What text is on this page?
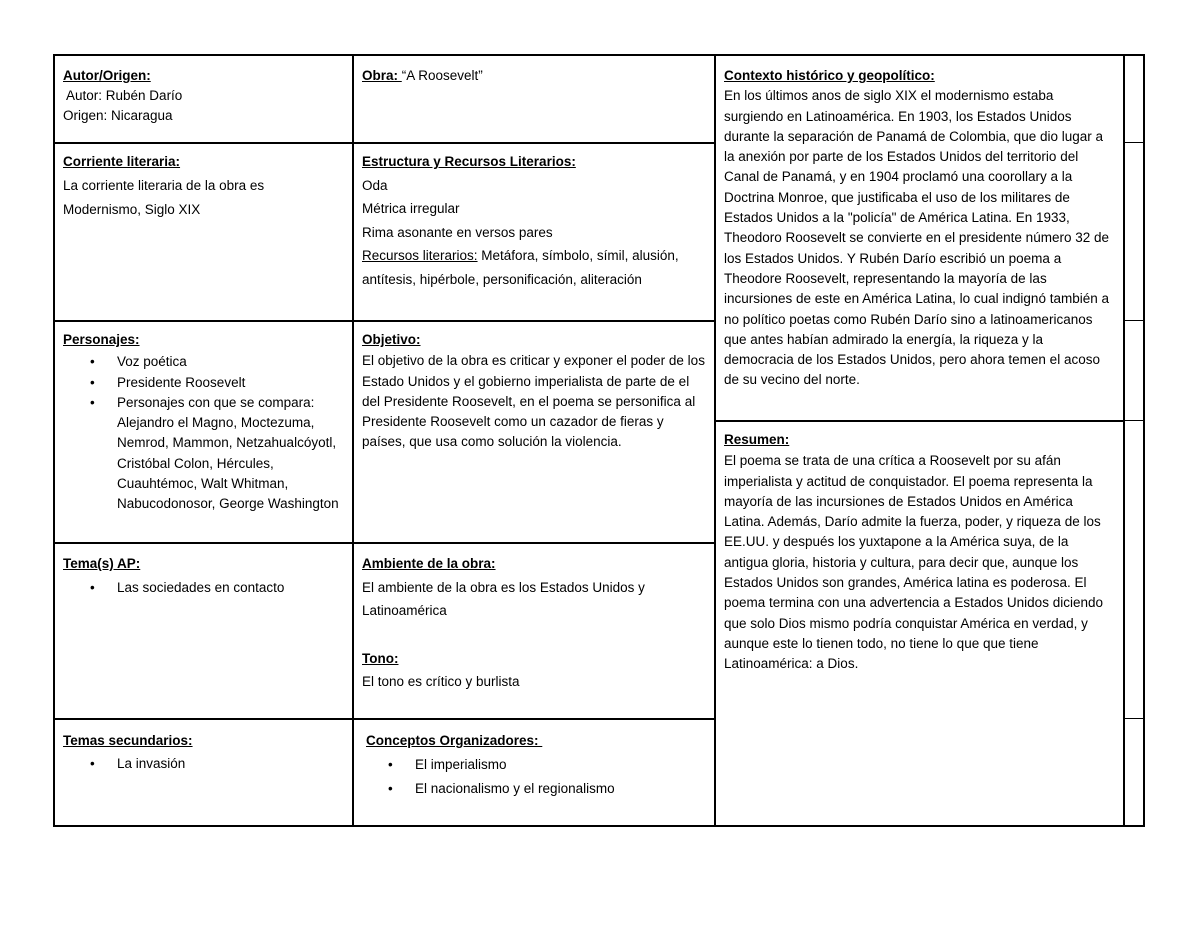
Autor/Origen:
Autor: Rubén Darío
Origen: Nicaragua
Obra: “A Roosevelt”	Contexto histórico y geopolítico:
En los últimos anos de siglo XIX el modernismo estaba surgiendo en Latinoamérica. En 1903, los Estados Unidos durante la separación de Panamá de Colombia, que dio lugar a la anexión por parte de los Estados Unidos del territorio del Canal de Panamá, y en 1904 proclamó una coorollary a la Doctrina Monroe, que justificaba el uso de los militares de Estados Unidos a la "policía" de América Latina. En 1933, Theodoro Roosevelt se convierte en el presidente número 32 de los Estados Unidos. Y Rubén Darío escribió un poema a Theodore Roosevelt, representando la mayoría de las incursiones de este en América Latina, lo cual indignó también a no político poetas como Rubén Darío sino a latinoamericanos que antes habían admirado la energía, la riqueza y la democracia de los Estados Unidos, pero ahora temen el acoso de su vecino del norte.
Corriente literaria:
La corriente literaria de la obra es Modernismo, Siglo XIX
Estructura y Recursos Literarios:
Oda
Métrica irregular
Rima asonante en versos pares
Recursos literarios: Metáfora, símbolo, símil, alusión, antítesis, hipérbole, personificación, aliteración
Personajes:
• Voz poética
• Presidente Roosevelt
• Personajes con que se compara: Alejandro el Magno, Moctezuma, Nemrod, Mammon, Netzahualcóyotl, Cristóbal Colon, Hércules, Cuauhtémoc, Walt Whitman, Nabucodonosor, George Washington
Objetivo:
El objetivo de la obra es criticar y exponer el poder de los Estado Unidos y el gobierno imperialista de parte de el del Presidente Roosevelt, en el poema se personifica al Presidente Roosevelt como un cazador de fieras y países, que usa como solución la violencia.	Resumen:
El poema se trata de una crítica a Roosevelt por su afán imperialista y actitud de conquistador. El poema representa la mayoría de las incursiones de Estados Unidos en América Latina. Además, Darío admite la fuerza, poder, y riqueza de los EE.UU. y después los yuxtapone a la América suya, de la antigua gloria, historia y cultura, para decir que, aunque los Estados Unidos son grandes, América latina es poderosa. El poema termina con una advertencia a Estados Unidos diciendo que solo Dios mismo podría conquistar América en verdad, y aunque este lo tienen todo, no tiene lo que que tiene Latinoamérica: a Dios.
Tema(s) AP:
• Las sociedades en contacto
Ambiente de la obra:
El ambiente de la obra es los Estados Unidos y Latinoamérica
Tono:
El tono es crítico y burlista
Temas secundarios:
• La invasión
Conceptos Organizadores:
• El imperialismo
• El nacionalismo y el regionalismo
